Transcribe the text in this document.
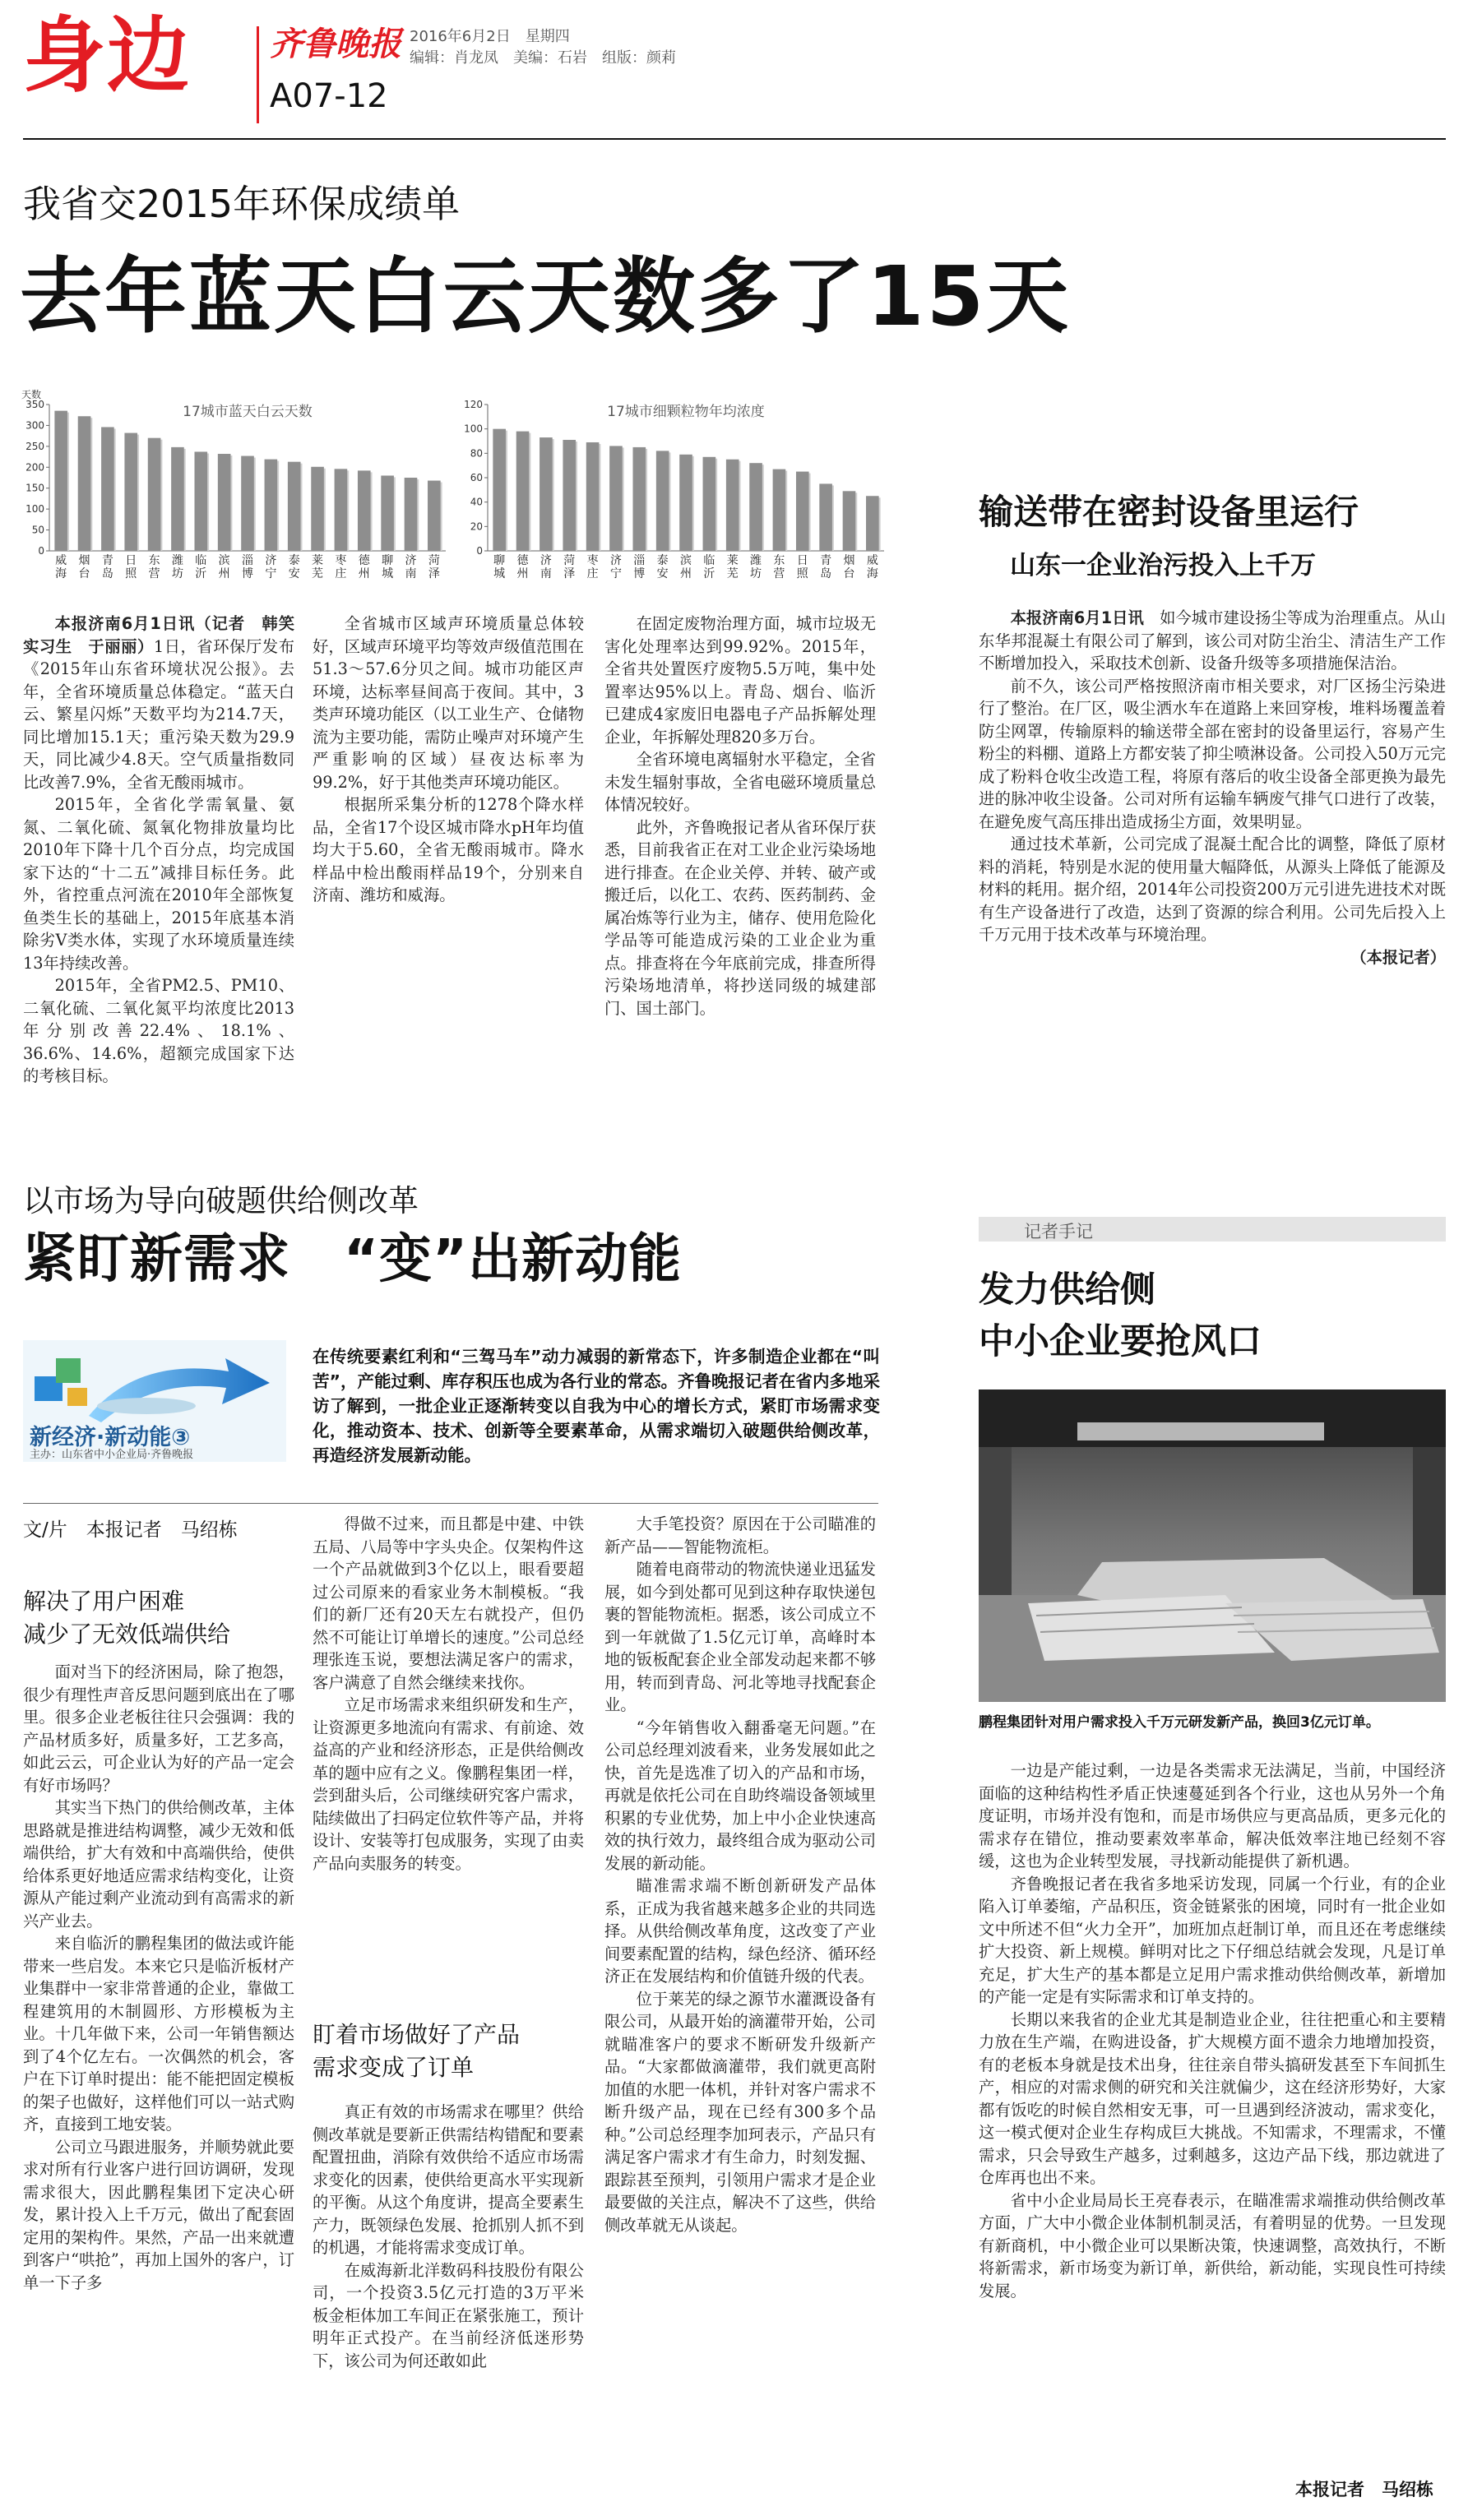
身边 齐鲁晚报
A07-12
2016年6月2日　星期四
编辑：肖龙凤　美编：石岩　组版：颜莉
我省交2015年环保成绩单
去年蓝天白云天数多了15天
17城市蓝天白云天数
天数
0
50
100
150
200
250
300
350
威海
烟台
青岛
日照
东营
潍坊
临沂
滨州
淄博
济宁
泰安
莱芜
枣庄
德州
聊城
济南
菏泽
17城市细颗粒物年均浓度
0
20
40
60
80
100
120
聊城
德州
济南
菏泽
枣庄
济宁
淄博
泰安
滨州
临沂
莱芜
潍坊
东营
日照
青岛
烟台
威海

本报济南6月1日讯（记者　韩笑　实习生　于丽丽）1日，省环保厅发布《2015年山东省环境状况公报》。去年，全省环境质量总体稳定。“蓝天白云、繁星闪烁”天数平均为214.7天，同比增加15.1天；重污染天数为29.9天，同比减少4.8天。空气质量指数同比改善7.9%，全省无酸雨城市。

2015年，全省化学需氧量、氨氮、二氧化硫、氮氧化物排放量均比2010年下降十几个百分点，均完成国家下达的“十二五”减排目标任务。此外，省控重点河流在2010年全部恢复鱼类生长的基础上，2015年底基本消除劣Ⅴ类水体，实现了水环境质量连续13年持续改善。

2015年，全省PM2.5、PM10、二氧化硫、二氧化氮平均浓度比2013年分别改善22.4%、18.1%、36.6%、14.6%，超额完成国家下达的考核目标。

全省城市区域声环境质量总体较好，区域声环境平均等效声级值范围在51.3～57.6分贝之间。城市功能区声环境，达标率昼间高于夜间。其中，3类声环境功能区（以工业生产、仓储物流为主要功能，需防止噪声对环境产生严重影响的区域）昼夜达标率为99.2%，好于其他类声环境功能区。

根据所采集分析的1278个降水样品，全省17个设区城市降水pH年均值均大于5.60，全省无酸雨城市。降水样品中检出酸雨样品19个，分别来自济南、潍坊和威海。

在固定废物治理方面，城市垃圾无害化处理率达到99.92%。2015年，全省共处置医疗废物5.5万吨，集中处置率达95%以上。青岛、烟台、临沂已建成4家废旧电器电子产品拆解处理企业，年拆解处理820多万台。

全省环境电离辐射水平稳定，全省未发生辐射事故，全省电磁环境质量总体情况较好。

此外，齐鲁晚报记者从省环保厅获悉，目前我省正在对工业企业污染场地进行排查。在企业关停、并转、破产或搬迁后，以化工、农药、医药制药、金属冶炼等行业为主，储存、使用危险化学品等可能造成污染的工业企业为重点。排查将在今年底前完成，排查所得污染场地清单，将抄送同级的城建部门、国土部门。

输送带在密封设备里运行
山东一企业治污投入上千万

本报济南6月1日讯　如今城市建设扬尘等成为治理重点。从山东华邦混凝土有限公司了解到，该公司对防尘治尘、清洁生产工作不断增加投入，采取技术创新、设备升级等多项措施保洁治。

前不久，该公司严格按照济南市相关要求，对厂区扬尘污染进行了整治。在厂区，吸尘洒水车在道路上来回穿梭，堆料场覆盖着防尘网罩，传输原料的输送带全部在密封的设备里运行，容易产生粉尘的料棚、道路上方都安装了抑尘喷淋设备。公司投入50万元完成了粉料仓收尘改造工程，将原有落后的收尘设备全部更换为最先进的脉冲收尘设备。公司对所有运输车辆废气排气口进行了改装，在避免废气高压排出造成扬尘方面，效果明显。

通过技术革新，公司完成了混凝土配合比的调整，降低了原材料的消耗，特别是水泥的使用量大幅降低，从源头上降低了能源及材料的耗用。据介绍，2014年公司投资200万元引进先进技术对既有生产设备进行了改造，达到了资源的综合利用。公司先后投入上千万元用于技术改革与环境治理。

（本报记者）

以市场为导向破题供给侧改革
紧盯新需求　“变”出新动能
新经济·新动能③
主办：山东省中小企业局·齐鲁晚报
在传统要素红利和“三驾马车”动力减弱的新常态下，许多制造企业都在“叫苦”，产能过剩、库存积压也成为各行业的常态。齐鲁晚报记者在省内多地采访了解到，一批企业正逐渐转变以自我为中心的增长方式，紧盯市场需求变化，推动资本、技术、创新等全要素革命，从需求端切入破题供给侧改革，再造经济发展新动能。
文/片　本报记者　马绍栋
解决了用户困难
减少了无效低端供给

面对当下的经济困局，除了抱怨，很少有理性声音反思问题到底出在了哪里。很多企业老板往往只会强调：我的产品材质多好，质量多好，工艺多高，如此云云，可企业认为好的产品一定会有好市场吗？

其实当下热门的供给侧改革，主体思路就是推进结构调整，减少无效和低端供给，扩大有效和中高端供给，使供给体系更好地适应需求结构变化，让资源从产能过剩产业流动到有高需求的新兴产业去。

来自临沂的鹏程集团的做法或许能带来一些启发。本来它只是临沂板材产业集群中一家非常普通的企业，靠做工程建筑用的木制圆形、方形模板为主业。十几年做下来，公司一年销售额达到了4个亿左右。一次偶然的机会，客户在下订单时提出：能不能把固定模板的架子也做好，这样他们可以一站式购齐，直接到工地安装。

公司立马跟进服务，并顺势就此要求对所有行业客户进行回访调研，发现需求很大，因此鹏程集团下定决心研发，累计投入上千万元，做出了配套固定用的架构件。果然，产品一出来就遭到客户“哄抢”，再加上国外的客户，订单一下子多

得做不过来，而且都是中建、中铁五局、八局等中字头央企。仅架构件这一个产品就做到3个亿以上，眼看要超过公司原来的看家业务木制模板。“我们的新厂还有20天左右就投产，但仍然不可能让订单增长的速度。”公司总经理张连玉说，要想法满足客户的需求，客户满意了自然会继续来找你。

立足市场需求来组织研发和生产，让资源更多地流向有需求、有前途、效益高的产业和经济形态，正是供给侧改革的题中应有之义。像鹏程集团一样，尝到甜头后，公司继续研究客户需求，陆续做出了扫码定位软件等产品，并将设计、安装等打包成服务，实现了由卖产品向卖服务的转变。

盯着市场做好了产品
需求变成了订单

真正有效的市场需求在哪里？供给侧改革就是要新正供需结构错配和要素配置扭曲，消除有效供给不适应市场需求变化的因素，使供给更高水平实现新的平衡。从这个角度讲，提高全要素生产力，既领绿色发展、抢抓别人抓不到的机遇，才能将需求变成订单。

在威海新北洋数码科技股份有限公司，一个投资3.5亿元打造的3万平米板金柜体加工车间正在紧张施工，预计明年正式投产。在当前经济低迷形势下，该公司为何还敢如此

大手笔投资？原因在于公司瞄准的新产品——智能物流柜。

随着电商带动的物流快递业迅猛发展，如今到处都可见到这种存取快递包裹的智能物流柜。据悉，该公司成立不到一年就做了1.5亿元订单，高峰时本地的钣板配套企业全部发动起来都不够用，转而到青岛、河北等地寻找配套企业。

“今年销售收入翻番毫无问题。”在公司总经理刘波看来，业务发展如此之快，首先是选准了切入的产品和市场，再就是依托公司在自助终端设备领域里积累的专业优势，加上中小企业快速高效的执行效力，最终组合成为驱动公司发展的新动能。

瞄准需求端不断创新研发产品体系，正成为我省越来越多企业的共同选择。从供给侧改革角度，这改变了产业间要素配置的结构，绿色经济、循环经济正在发展结构和价值链升级的代表。

位于莱芜的绿之源节水灌溉设备有限公司，从最开始的滴灌带开始，公司就瞄准客户的要求不断研发升级新产品。“大家都做滴灌带，我们就更高附加值的水肥一体机，并针对客户需求不断升级产品，现在已经有300多个品种。”公司总经理李加珂表示，产品只有满足客户需求才有生命力，时刻发掘、跟踪甚至预判，引领用户需求才是企业最要做的关注点，解决不了这些，供给侧改革就无从谈起。

记者手记
发力供给侧
中小企业要抢风口
鹏程集团针对用户需求投入千万元研发新产品，换回3亿元订单。

一边是产能过剩，一边是各类需求无法满足，当前，中国经济面临的这种结构性矛盾正快速蔓延到各个行业，这也从另外一个角度证明，市场并没有饱和，而是市场供应与更高品质，更多元化的需求存在错位，推动要素效率革命，解决低效率注地已经刻不容缓，这也为企业转型发展，寻找新动能提供了新机遇。

齐鲁晚报记者在我省多地采访发现，同属一个行业，有的企业陷入订单萎缩，产品积压，资金链紧张的困境，同时有一批企业如文中所述不但“火力全开”，加班加点赶制订单，而且还在考虑继续扩大投资、新上规模。鲜明对比之下仔细总结就会发现，凡是订单充足，扩大生产的基本都是立足用户需求推动供给侧改革，新增加的产能一定是有实际需求和订单支持的。

长期以来我省的企业尤其是制造业企业，往往把重心和主要精力放在生产端，在购进设备，扩大规模方面不遗余力地增加投资，有的老板本身就是技术出身，往往亲自带头搞研发甚至下车间抓生产，相应的对需求侧的研究和关注就偏少，这在经济形势好，大家都有饭吃的时候自然相安无事，可一旦遇到经济波动，需求变化，这一模式便对企业生存构成巨大挑战。不知需求，不理需求，不懂需求，只会导致生产越多，过剩越多，这边产品下线，那边就进了仓库再也出不来。

省中小企业局局长王亮春表示，在瞄准需求端推动供给侧改革方面，广大中小微企业体制机制灵活，有着明显的优势。一旦发现有新商机，中小微企业可以果断决策，快速调整，高效执行，不断将新需求，新市场变为新订单，新供给，新动能，实现良性可持续发展。

本报记者　马绍栋
